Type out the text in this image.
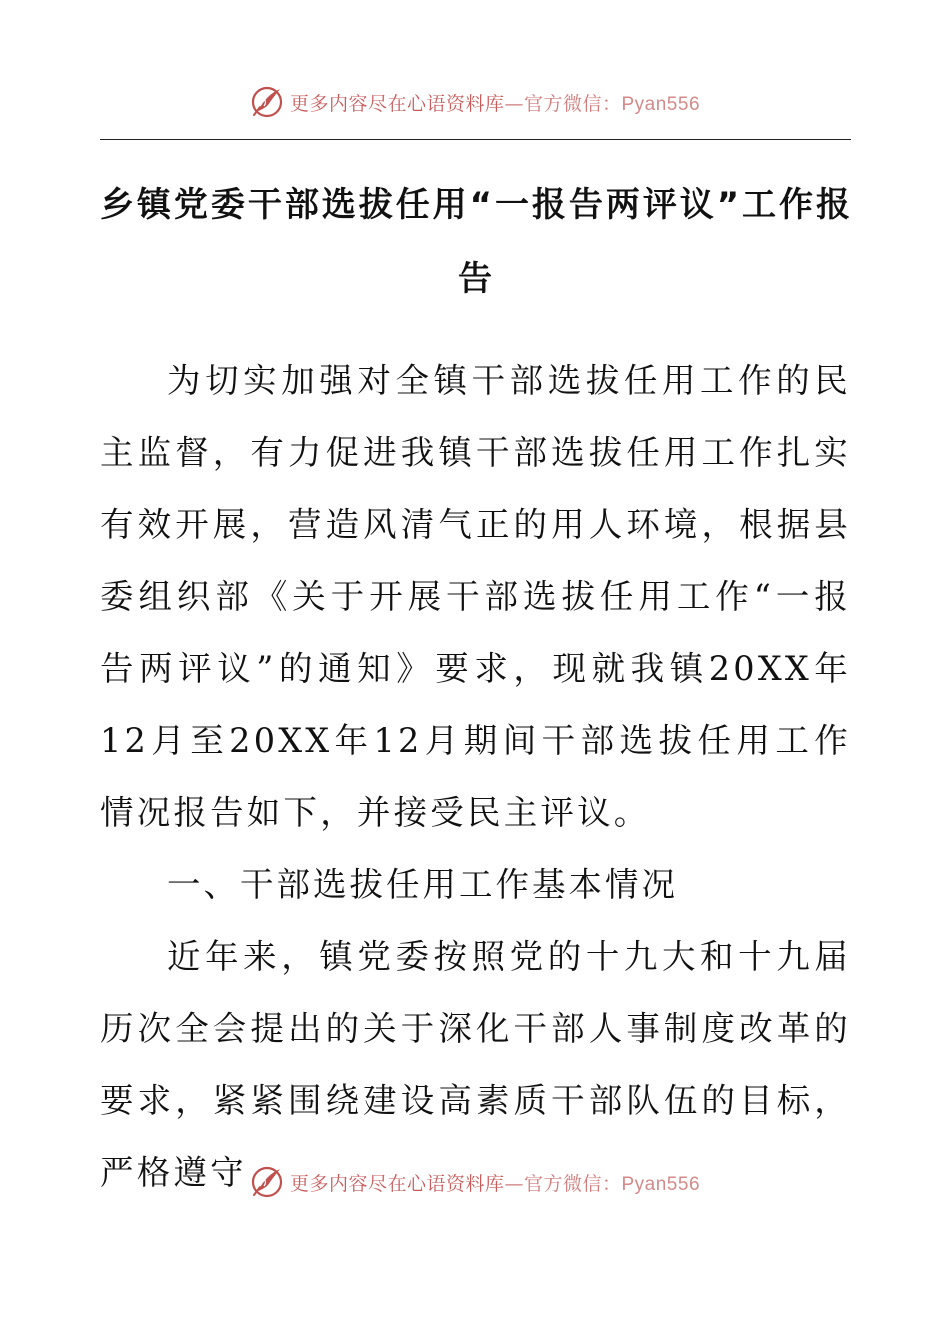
更多内容尽在心语资料库—官方微信：Pyan556
乡镇党委干部选拔任用“一报告两评议”工作报
告

为切实加强对全镇干部选拔任用工作的民主监督，有力促进我镇干部选拔任用工作扎实有效开展，营造风清气正的用人环境，根据县委组织部《关于开展干部选拔任用工作“一报告两评议”的通知》要求，现就我镇20XX年12月至20XX年12月期间干部选拔任用工作情况报告如下，并接受民主评议。

一、干部选拔任用工作基本情况

近年来，镇党委按照党的十九大和十九届历次全会提出的关于深化干部人事制度改革的要求，紧紧围绕建设高素质干部队伍的目标，严格遵守	更多内容尽在心语资料库—官方微信：Pyan556
